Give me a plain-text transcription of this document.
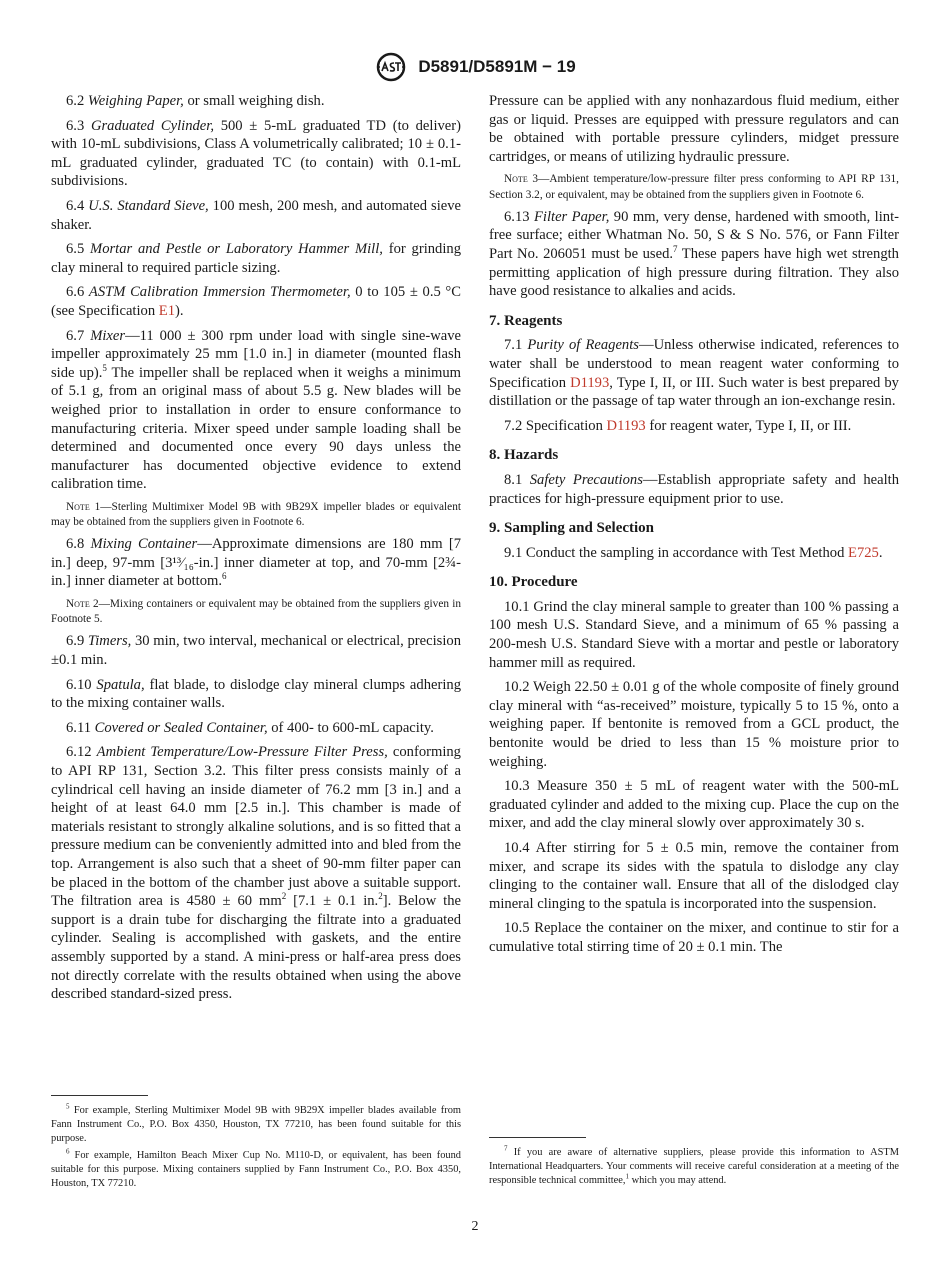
D5891/D5891M − 19

6.2 Weighing Paper, or small weighing dish.

6.3 Graduated Cylinder, 500 ± 5-mL graduated TD (to deliver) with 10-mL subdivisions, Class A volumetrically calibrated; 10 ± 0.1-mL graduated cylinder, graduated TC (to contain) with 0.1-mL subdivisions.

6.4 U.S. Standard Sieve, 100 mesh, 200 mesh, and automated sieve shaker.

6.5 Mortar and Pestle or Laboratory Hammer Mill, for grinding clay mineral to required particle sizing.

6.6 ASTM Calibration Immersion Thermometer, 0 to 105 ± 0.5 °C (see Specification E1).

6.7 Mixer—11 000 ± 300 rpm under load with single sine-wave impeller approximately 25 mm [1.0 in.] in diameter (mounted flash side up).$^5$ The impeller shall be replaced when it weighs a minimum of 5.1 g, from an original mass of about 5.5 g. New blades will be weighed prior to installation in order to ensure conformance to manufacturing criteria. Mixer speed under sample loading shall be determined and documented once every 90 days unless the manufacturer has documented objective evidence to extend calibration time.

Note 1—Sterling Multimixer Model 9B with 9B29X impeller blades or equivalent may be obtained from the suppliers given in Footnote 6.

6.8 Mixing Container—Approximate dimensions are 180 mm [7 in.] deep, 97-mm [3¹³⁄₁₆-in.] inner diameter at top, and 70-mm [2¾-in.] inner diameter at bottom.$^6$

Note 2—Mixing containers or equivalent may be obtained from the suppliers given in Footnote 5.

6.9 Timers, 30 min, two interval, mechanical or electrical, precision ±0.1 min.

6.10 Spatula, flat blade, to dislodge clay mineral clumps adhering to the mixing container walls.

6.11 Covered or Sealed Container, of 400- to 600-mL capacity.

6.12 Ambient Temperature/Low-Pressure Filter Press, conforming to API RP 131, Section 3.2. This filter press consists mainly of a cylindrical cell having an inside diameter of 76.2 mm [3 in.] and a height of at least 64.0 mm [2.5 in.]. This chamber is made of materials resistant to strongly alkaline solutions, and is so fitted that a pressure medium can be conveniently admitted into and bled from the top. Arrangement is also such that a sheet of 90-mm filter paper can be placed in the bottom of the chamber just above a suitable support. The filtration area is 4580 ± 60 $mm^2$ [7.1 ± 0.1 in.$^2$]. Below the support is a drain tube for discharging the filtrate into a graduated cylinder. Sealing is accomplished with gaskets, and the entire assembly supported by a stand. A mini-press or half-area press does not directly correlate with the results obtained when using the above described standard-sized press.

$^5$ For example, Sterling Multimixer Model 9B with 9B29X impeller blades available from Fann Instrument Co., P.O. Box 4350, Houston, TX 77210, has been found suitable for this purpose.

$^6$ For example, Hamilton Beach Mixer Cup No. M110-D, or equivalent, has been found suitable for this purpose. Mixing containers supplied by Fann Instrument Co., P.O. Box 4350, Houston, TX 77210.

Pressure can be applied with any nonhazardous fluid medium, either gas or liquid. Presses are equipped with pressure regulators and can be obtained with portable pressure cylinders, midget pressure cartridges, or means of utilizing hydraulic pressure.

Note 3—Ambient temperature/low-pressure filter press conforming to API RP 131, Section 3.2, or equivalent, may be obtained from the suppliers given in Footnote 6.

6.13 Filter Paper, 90 mm, very dense, hardened with smooth, lint-free surface; either Whatman No. 50, S & S No. 576, or Fann Filter Part No. 206051 must be used.$^7$ These papers have high wet strength permitting application of high pressure during filtration. They also have good resistance to alkalies and acids.

7. Reagents

7.1 Purity of Reagents—Unless otherwise indicated, references to water shall be understood to mean reagent water conforming to Specification D1193, Type I, II, or III. Such water is best prepared by distillation or the passage of tap water through an ion-exchange resin.

7.2 Specification D1193 for reagent water, Type I, II, or III.

8. Hazards

8.1 Safety Precautions—Establish appropriate safety and health practices for high-pressure equipment prior to use.

9. Sampling and Selection

9.1 Conduct the sampling in accordance with Test Method E725.

10. Procedure

10.1 Grind the clay mineral sample to greater than 100 % passing a 100 mesh U.S. Standard Sieve, and a minimum of 65 % passing a 200-mesh U.S. Standard Sieve with a mortar and pestle or laboratory hammer mill as required.

10.2 Weigh 22.50 ± 0.01 g of the whole composite of finely ground clay mineral with “as-received” moisture, typically 5 to 15 %, onto a weighing paper. If bentonite is removed from a GCL product, the bentonite would be dried to less than 15 % moisture prior to weighing.

10.3 Measure 350 ± 5 mL of reagent water with the 500-mL graduated cylinder and added to the mixing cup. Place the cup on the mixer, and add the clay mineral slowly over approximately 30 s.

10.4 After stirring for 5 ± 0.5 min, remove the container from mixer, and scrape its sides with the spatula to dislodge any clay clinging to the container wall. Ensure that all of the dislodged clay mineral clinging to the spatula is incorporated into the suspension.

10.5 Replace the container on the mixer, and continue to stir for a cumulative total stirring time of 20 ± 0.1 min. The

$^7$ If you are aware of alternative suppliers, please provide this information to ASTM International Headquarters. Your comments will receive careful consideration at a meeting of the responsible technical committee,$^1$ which you may attend.

2
